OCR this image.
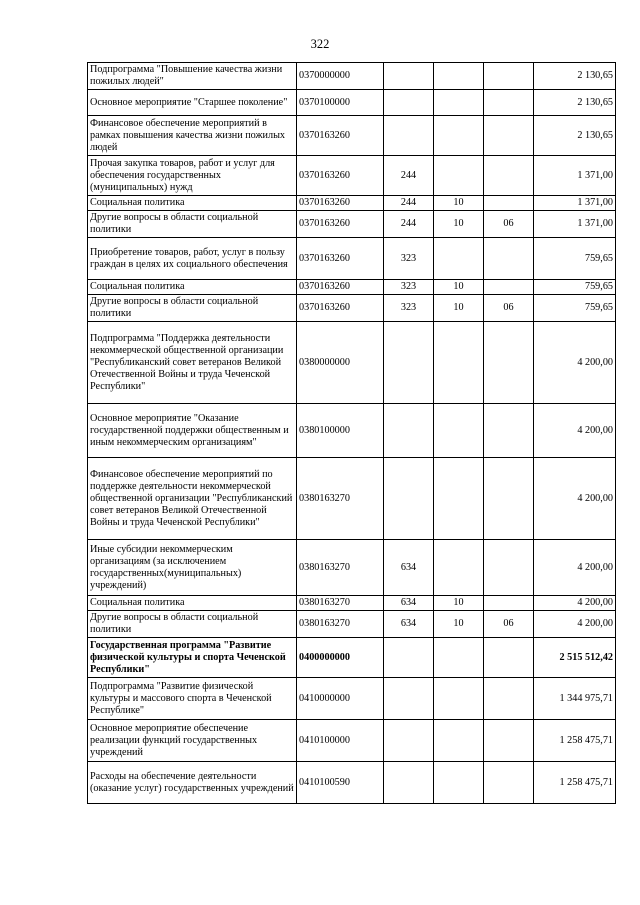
322
Подпрограмма "Повышение качества жизни пожилых людей"	0370000000				2 130,65
Основное мероприятие "Старшее поколение"	0370100000				2 130,65
Финансовое обеспечение мероприятий в рамках повышения качества жизни пожилых людей	0370163260				2 130,65
Прочая закупка товаров, работ и услуг для обеспечения государственных (муниципальных) нужд	0370163260	244			1 371,00
Социальная политика	0370163260	244	10		1 371,00
Другие вопросы в области социальной политики	0370163260	244	10	06	1 371,00
Приобретение товаров, работ, услуг в пользу граждан в целях их социального обеспечения	0370163260	323			759,65
Социальная политика	0370163260	323	10		759,65
Другие вопросы в области социальной политики	0370163260	323	10	06	759,65
Подпрограмма "Поддержка деятельности некоммерческой общественной организации "Республиканский совет ветеранов Великой Отечественной Войны и труда Чеченской Республики"	0380000000				4 200,00
Основное мероприятие "Оказание государственной поддержки общественным и иным некоммерческим организациям"	0380100000				4 200,00
Финансовое обеспечение мероприятий по поддержке деятельности некоммерческой общественной организации "Республиканский совет ветеранов Великой Отечественной Войны и труда Чеченской Республики"	0380163270				4 200,00
Иные субсидии некоммерческим организациям (за исключением государственных(муниципальных) учреждений)	0380163270	634			4 200,00
Социальная политика	0380163270	634	10		4 200,00
Другие вопросы в области социальной политики	0380163270	634	10	06	4 200,00
Государственная программа "Развитие физической культуры и спорта Чеченской Республики"	0400000000				2 515 512,42
Подпрограмма "Развитие физической культуры и массового спорта в Чеченской Республике"	0410000000				1 344 975,71
Основное мероприятие обеспечение реализации функций государственных учреждений	0410100000				1 258 475,71
Расходы на обеспечение деятельности (оказание услуг) государственных учреждений	0410100590				1 258 475,71
